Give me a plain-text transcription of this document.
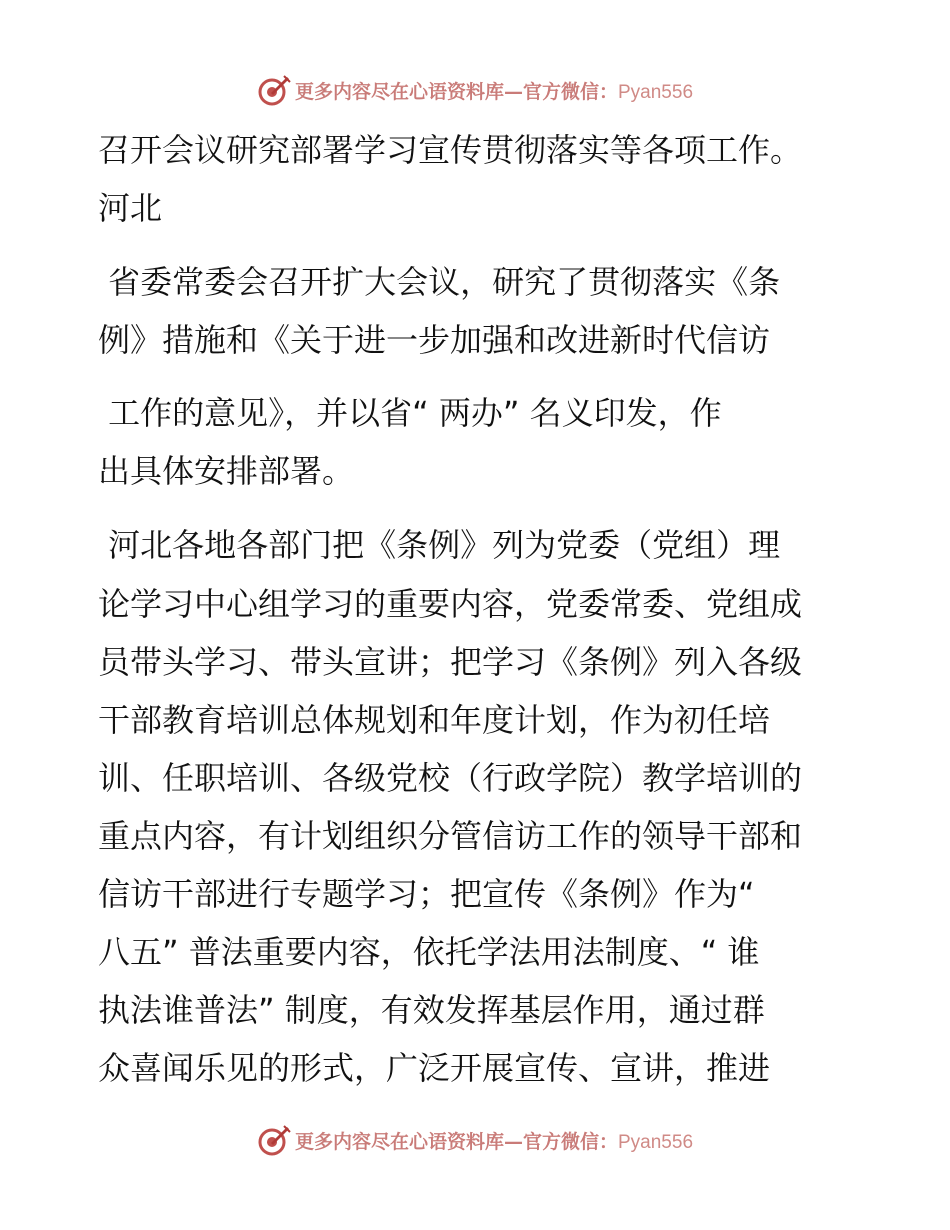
更多内容尽在心语资料库—官方微信：Pyan556
召开会议研究部署学习宣传贯彻落实等各项工作。
河北
省委常委会召开扩大会议，研究了贯彻落实《条
例》措施和《关于进一步加强和改进新时代信访
工作的意见》，并以省“ 两办” 名义印发，作
出具体安排部署。
河北各地各部门把《条例》列为党委（党组）理
论学习中心组学习的重要内容，党委常委、党组成
员带头学习、带头宣讲；把学习《条例》列入各级
干部教育培训总体规划和年度计划，作为初任培
训、任职培训、各级党校（行政学院）教学培训的
重点内容，有计划组织分管信访工作的领导干部和
信访干部进行专题学习；把宣传《条例》作为“
八五” 普法重要内容，依托学法用法制度、“ 谁
执法谁普法” 制度，有效发挥基层作用，通过群
众喜闻乐见的形式，广泛开展宣传、宣讲，推进
更多内容尽在心语资料库—官方微信：Pyan556
